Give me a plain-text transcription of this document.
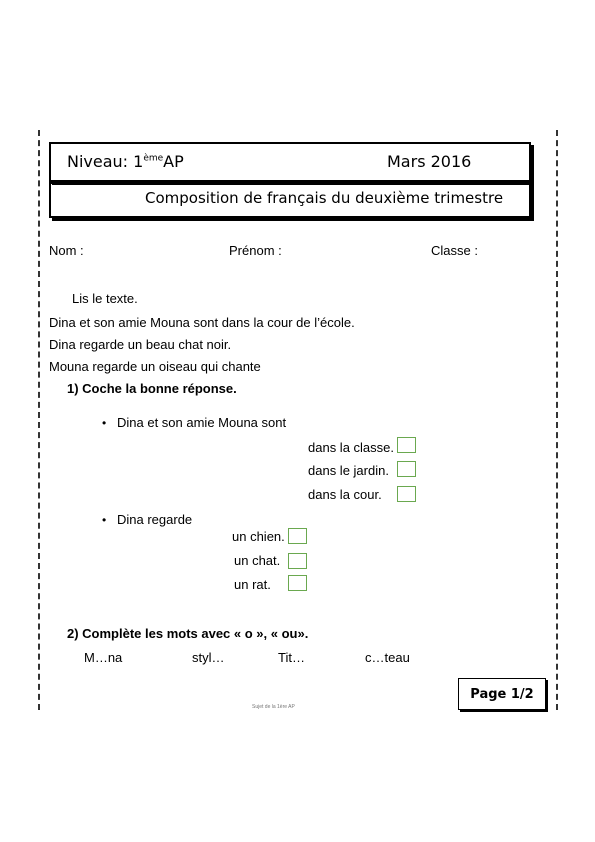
Niveau: 1èmeAP	Mars 2016
Composition de français du deuxième trimestre
Nom :	Prénom :	Classe :
Lis le texte.
Dina et son amie Mouna sont dans la cour de l’école.
Dina regarde un beau chat noir.
Mouna regarde un oiseau qui chante
1) Coche la bonne réponse.
• Dina et son amie Mouna sont
dans la classe.
dans le jardin.
dans la cour.
• Dina regarde
un chien.
un chat.
un rat.
2) Complète les mots avec « o », « ou».
M…na	styl…	Tit…	c…teau
Page 1/2
Sujet de la 1ère AP
